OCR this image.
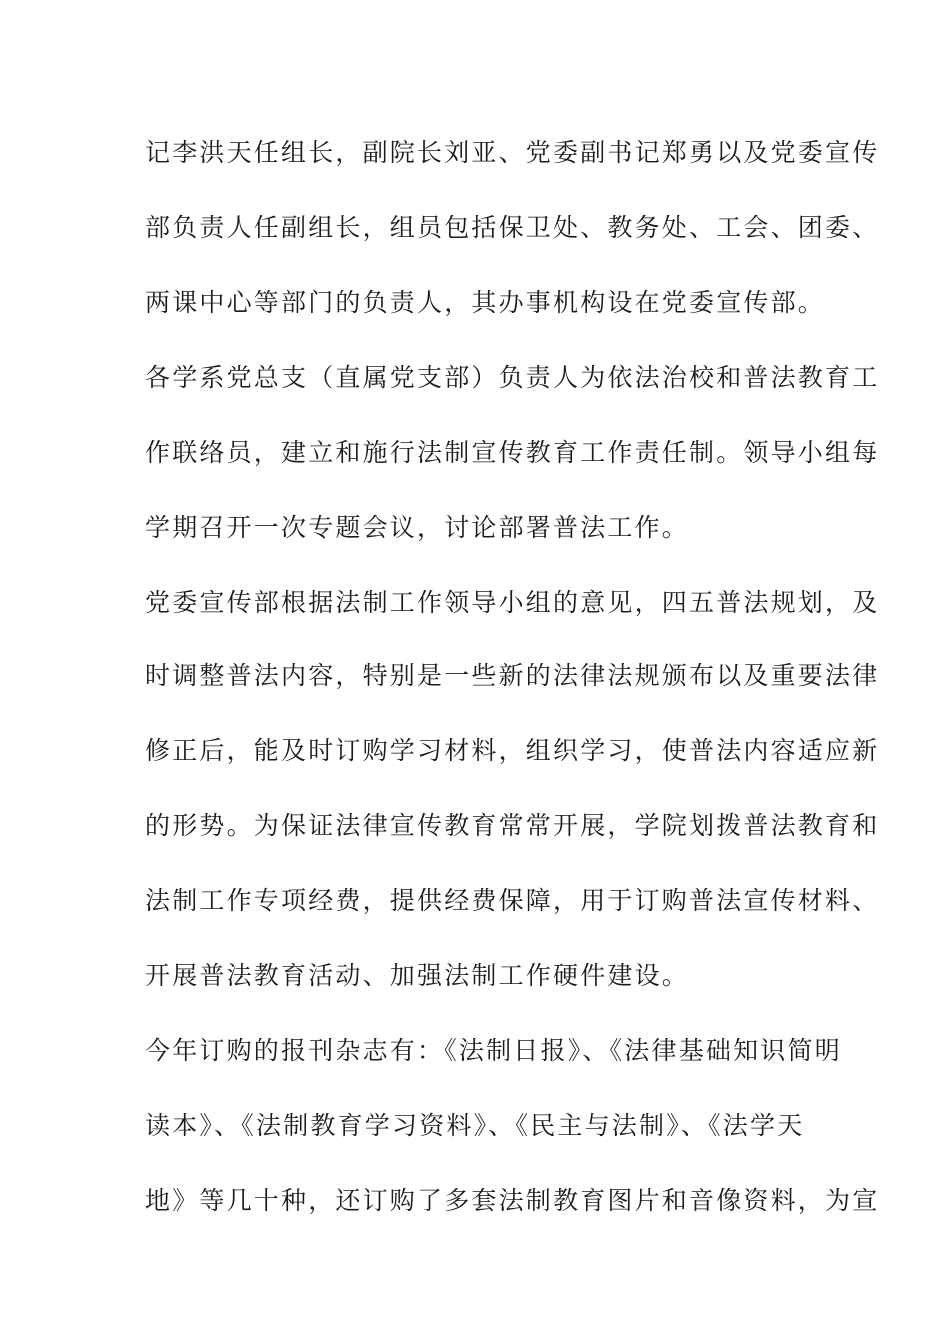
记李洪天任组长，副院长刘亚、党委副书记郑勇以及党委宣传
部负责人任副组长，组员包括保卫处、教务处、工会、团委、
两课中心等部门的负责人，其办事机构设在党委宣传部。
各学系党总支（直属党支部）负责人为依法治校和普法教育工
作联络员，建立和施行法制宣传教育工作责任制。领导小组每
学期召开一次专题会议，讨论部署普法工作。
党委宣传部根据法制工作领导小组的意见，四五普法规划，及
时调整普法内容，特别是一些新的法律法规颁布以及重要法律
修正后，能及时订购学习材料，组织学习，使普法内容适应新
的形势。为保证法律宣传教育常常开展，学院划拨普法教育和
法制工作专项经费，提供经费保障，用于订购普法宣传材料、
开展普法教育活动、加强法制工作硬件建设。
今年订购的报刊杂志有：《法制日报》、《法律基础知识简明
读本》、《法制教育学习资料》、《民主与法制》、《法学天
地》等几十种，还订购了多套法制教育图片和音像资料，为宣
